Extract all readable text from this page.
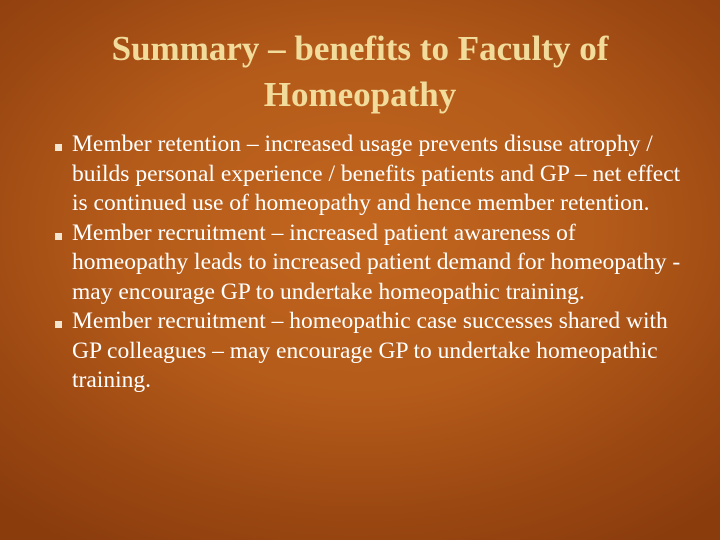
Summary – benefits to Faculty of Homeopathy
Member retention – increased usage prevents disuse atrophy / builds personal experience / benefits patients and GP – net effect is continued use of homeopathy and hence member retention.
Member recruitment – increased patient awareness of homeopathy leads to increased patient demand for homeopathy - may encourage GP to undertake homeopathic training.
Member recruitment – homeopathic case successes shared with GP colleagues – may encourage GP to undertake homeopathic training.
